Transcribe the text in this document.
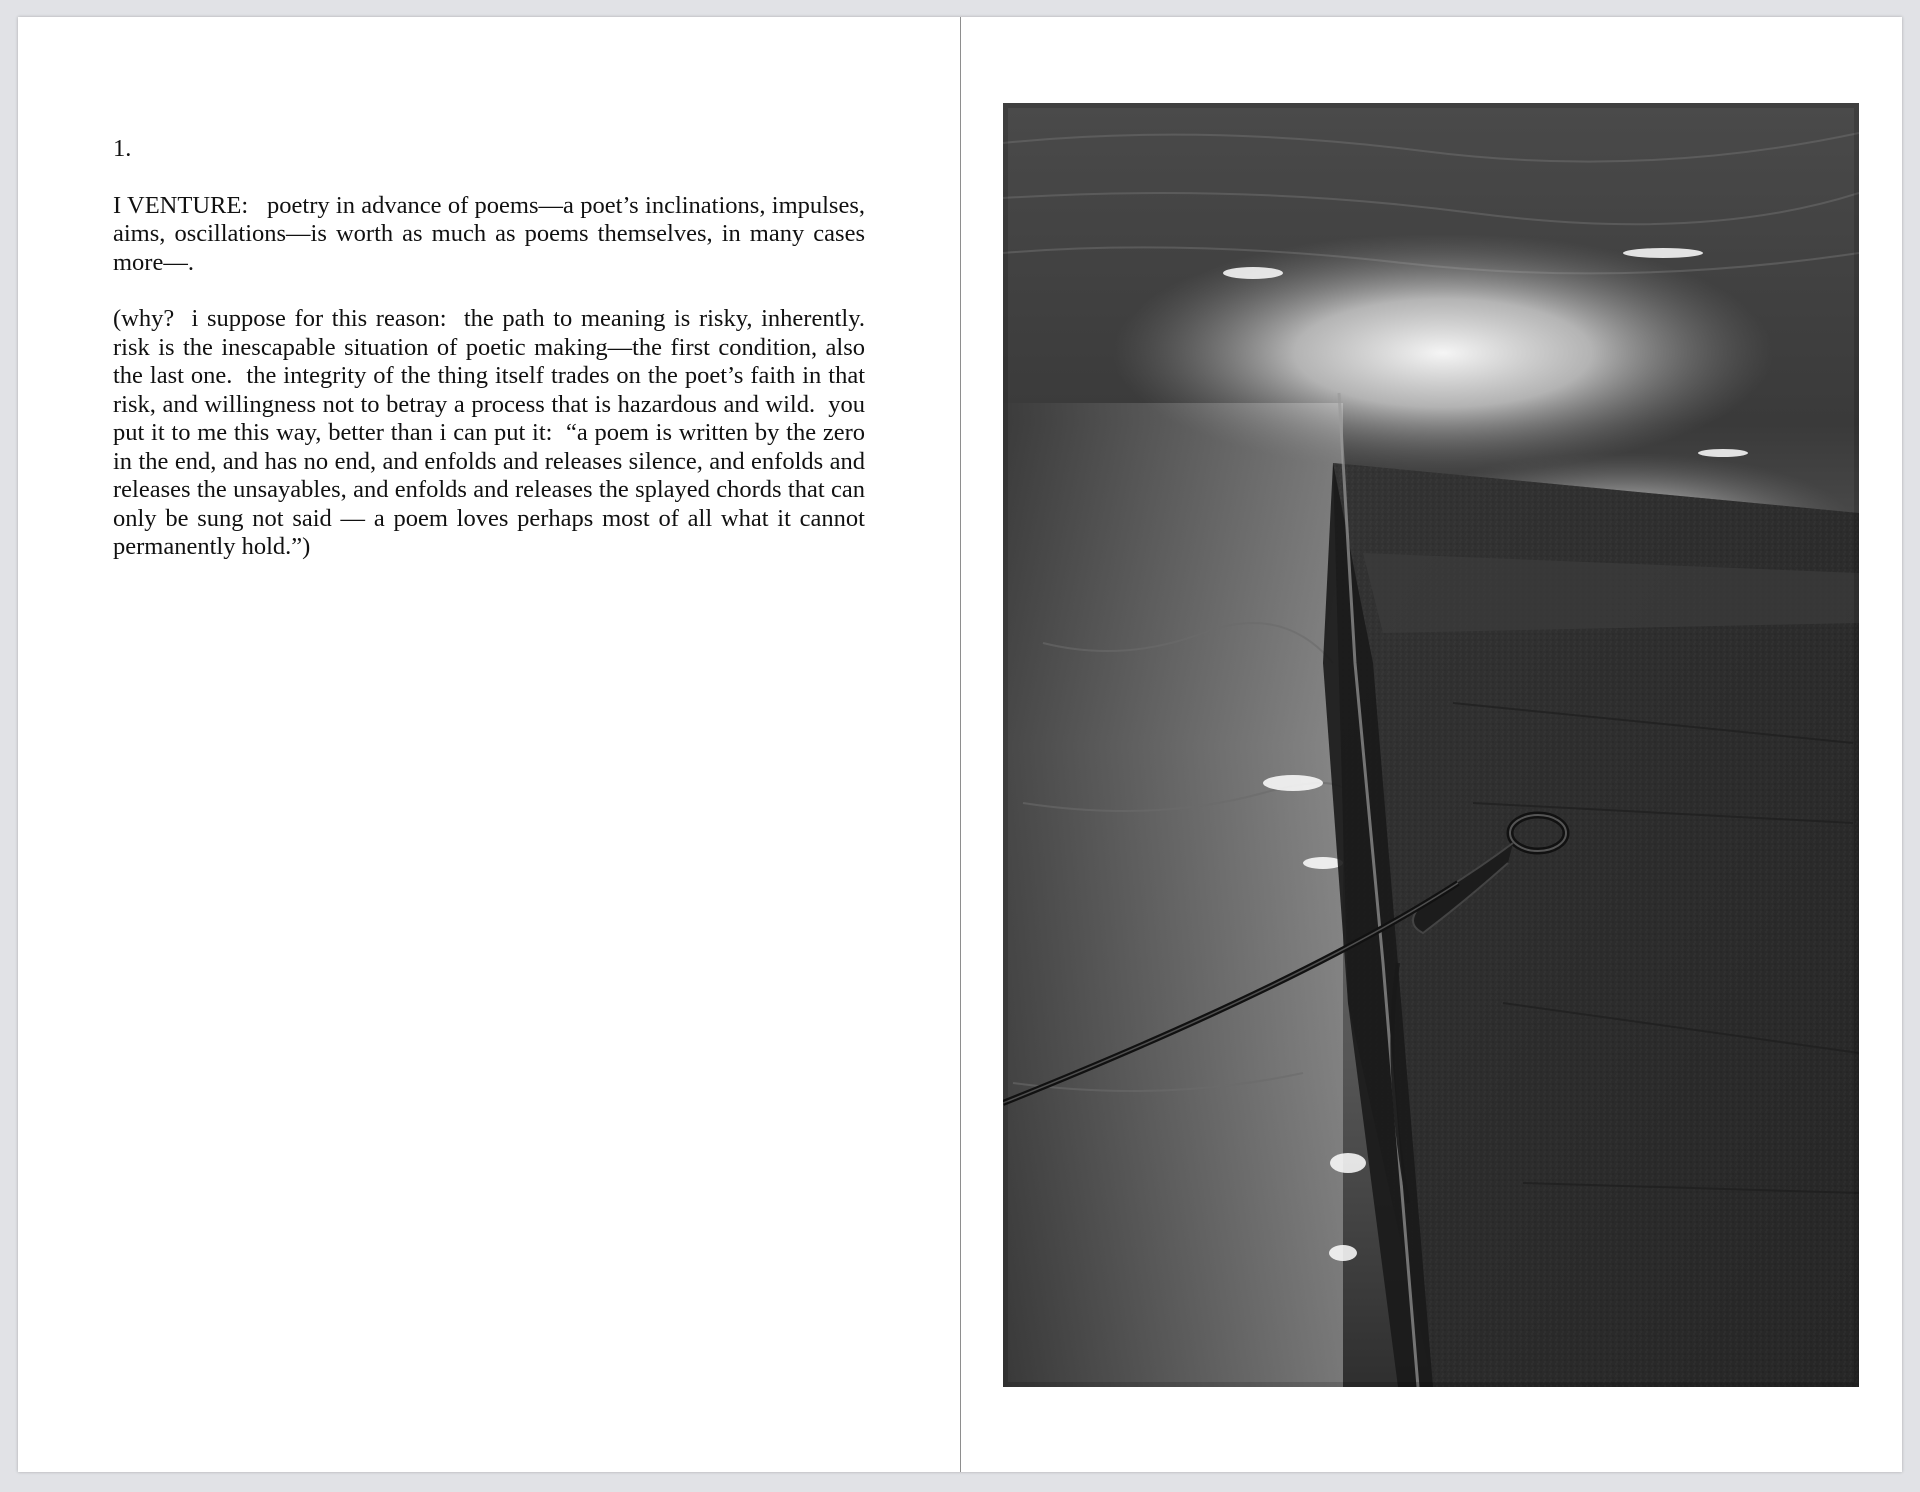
1.

I VENTURE:   poetry in advance of poems—a poet’s inclinations, impulses, aims, oscillations—is worth as much as poems themselves, in many cases more—.

(why?  i suppose for this reason:  the path to meaning is risky, inherently.  risk is the inescapable situation of poetic making—the first condition, also the last one.  the integrity of the thing itself trades on the poet’s faith in that risk, and willingness not to betray a process that is hazardous and wild.  you put it to me this way, better than i can put it:  “a poem is written by the zero in the end, and has no end, and enfolds and releases silence, and enfolds and releases the unsayables, and enfolds and releases the splayed chords that can only be sung not said — a poem loves perhaps most of all what it cannot permanently hold.”)
